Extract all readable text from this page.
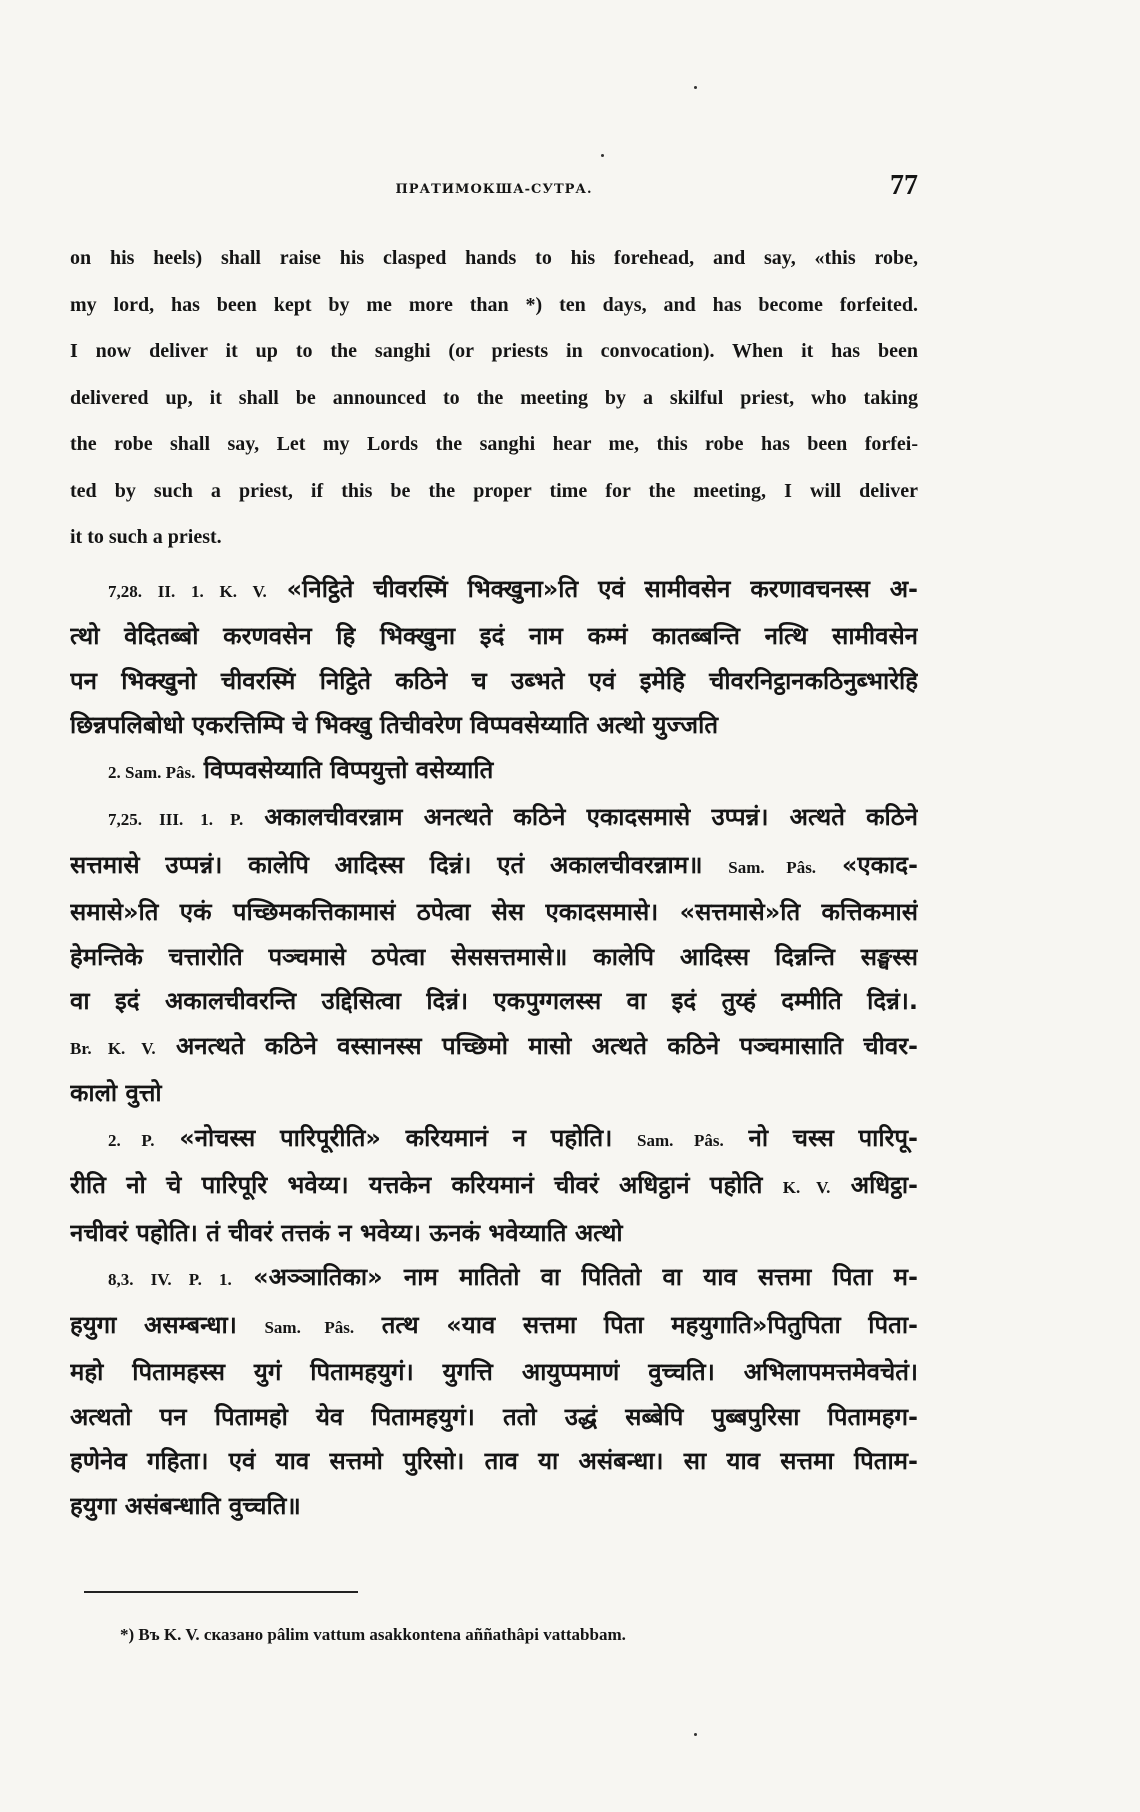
ПРАТИМОКША-СУТРА.	77

on his heels) shall raise his clasped hands to his forehead, and say, «this robe,
my lord, has been kept by me more than *) ten days, and has become forfeited.
I now deliver it up to the sanghi (or priests in convocation). When it has been
delivered up, it shall be announced to the meeting by a skilful priest, who taking
the robe shall say, Let my Lords the sanghi hear me, this robe has been forfei-
ted by such a priest, if this be the proper time for the meeting, I will deliver
it to such a priest.

7,28. II. 1. K. V. «निट्ठिते चीवरस्मिं भिक्खुना»ति एवं सामीवसेन करणावचनस्स अ-
त्थो वेदितब्बो करणवसेन हि भिक्खुना इदं नाम कम्मं कातब्बन्ति नत्थि सामीवसेन
पन भिक्खुनो चीवरस्मिं निट्ठिते कठिने च उब्भते एवं इमेहि चीवरनिट्ठानकठिनुब्भारेहि
छिन्नपलिबोधो एकरत्तिम्पि चे भिक्खु तिचीवरेण विप्पवसेय्याति अत्थो युज्जति
2. Sam. Pâs. विप्पवसेय्याति विप्पयुत्तो वसेय्याति
7,25. III. 1. P. अकालचीवरन्नाम अनत्थते कठिने एकादसमासे उप्पन्नं। अत्थते कठिने
सत्तमासे उप्पन्नं। कालेपि आदिस्स दिन्नं। एतं अकालचीवरन्नाम॥ Sam. Pâs. «एकाद-
समासे»ति एकं पच्छिमकत्तिकामासं ठपेत्वा सेस एकादसमासे। «सत्तमासे»ति कत्तिकमासं
हेमन्तिके चत्तारोति पञ्चमासे ठपेत्वा सेससत्तमासे॥ कालेपि आदिस्स दिन्नन्ति सङ्घस्स
वा इदं अकालचीवरन्ति उद्दिसित्वा दिन्नं। एकपुग्गलस्स वा इदं तुय्हं दम्मीति दिन्नं।.
Br. K. V. अनत्थते कठिने वस्सानस्स पच्छिमो मासो अत्थते कठिने पञ्चमासाति चीवर-
कालो वुत्तो
2. P. «नोचस्स पारिपूरीति» करियमानं न पहोति। Sam. Pâs. नो चस्स पारिपू-
रीति नो चे पारिपूरि भवेय्य। यत्तकेन करियमानं चीवरं अधिट्ठानं पहोति K. V. अधिट्ठा-
नचीवरं पहोति। तं चीवरं तत्तकं न भवेय्य। ऊनकं भवेय्याति अत्थो
8,3. IV. P. 1. «अञ्ञातिका» नाम मातितो वा पितितो वा याव सत्तमा पिता म-
हयुगा असम्बन्धा। Sam. Pâs. तत्थ «याव सत्तमा पिता महयुगाति»पितुपिता पिता-
महो पितामहस्स युगं पितामहयुगं। युगत्ति आयुप्पमाणं वुच्चति। अभिलापमत्तमेवचेतं।
अत्थतो पन पितामहो येव पितामहयुगं। ततो उद्धं सब्बेपि पुब्बपुरिसा पितामहग-
हणेनेव गहिता। एवं याव सत्तमो पुरिसो। ताव या असंबन्धा। सा याव सत्तमा पिताम-
हयुगा असंबन्धाति वुच्चति॥
*) Въ K. V. сказано pâlim vattum asakkontena aññathâpi vattabbam.
